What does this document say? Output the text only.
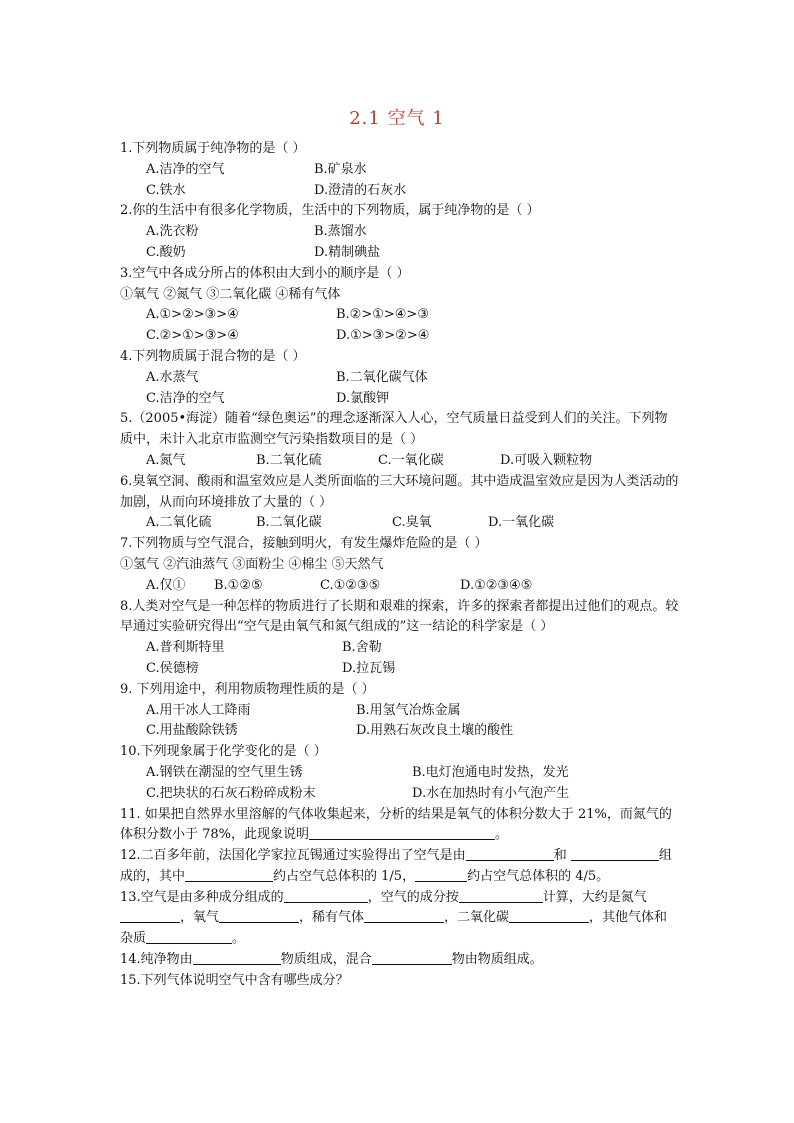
2.1 空气 1
1.下列物质属于纯净物的是（ ）
A.洁净的空气	B.矿泉水
C.铁水	D.澄清的石灰水
2.你的生活中有很多化学物质，生活中的下列物质，属于纯净物的是（ ）
A.洗衣粉	B.蒸馏水
C.酸奶	D.精制碘盐
3.空气中各成分所占的体积由大到小的顺序是（ ）
①氧气 ②氮气 ③二氧化碳 ④稀有气体
A.①>②>③>④	B.②>①>④>③
C.②>①>③>④	D.①>③>②>④
4.下列物质属于混合物的是（ ）
A.水蒸气	B.二氧化碳气体
C.洁净的空气	D.氯酸钾
5.（2005•海淀）随着“绿色奥运”的理念逐渐深入人心，空气质量日益受到人们的关注。下列物质中，未计入北京市监测空气污染指数项目的是（ ）
A.氮气	B.二氧化硫	C.一氧化碳	D.可吸入颗粒物
6.臭氧空洞、酸雨和温室效应是人类所面临的三大环境问题。其中造成温室效应是因为人类活动的加剧，从而向环境排放了大量的（ ）
A.二氧化硫	B.二氧化碳	C.臭氧	D.一氧化碳
7.下列物质与空气混合，接触到明火，有发生爆炸危险的是（ ）
①氢气 ②汽油蒸气 ③面粉尘 ④棉尘 ⑤天然气
A.仅①	B.①②⑤	C.①②③⑤	D.①②③④⑤
8.人类对空气是一种怎样的物质进行了长期和艰难的探索，许多的探索者都提出过他们的观点。较早通过实验研究得出“空气是由氧气和氮气组成的”这一结论的科学家是（ ）
A.普利斯特里	B.舍勒
C.侯德榜	D.拉瓦锡
9. 下列用途中，利用物质物理性质的是（ ）
A.用干冰人工降雨	B.用氢气冶炼金属
C.用盐酸除铁锈	D.用熟石灰改良土壤的酸性
10.下列现象属于化学变化的是（ ）
A.钢铁在潮湿的空气里生锈	B.电灯泡通电时发热，发光
C.把块状的石灰石粉碎成粉末	D.水在加热时有小气泡产生
11. 如果把自然界水里溶解的气体收集起来，分析的结果是氧气的体积分数大于 21%，而氮气的体积分数小于 78%，此现象说明	。
12.二百多年前，法国化学家拉瓦锡通过实验得出了空气是由	和	组成的，其中	约占空气总体积的 1/5，	约占空气总体积的 4/5。
13.空气是由多种成分组成的	，空气的成分按	计算，大约是氮气，氧气	，稀有气体	，二氧化碳	，其他气体和杂质	。
14.纯净物由	物质组成，混合	物由物质组成。
15.下列气体说明空气中含有哪些成分？
